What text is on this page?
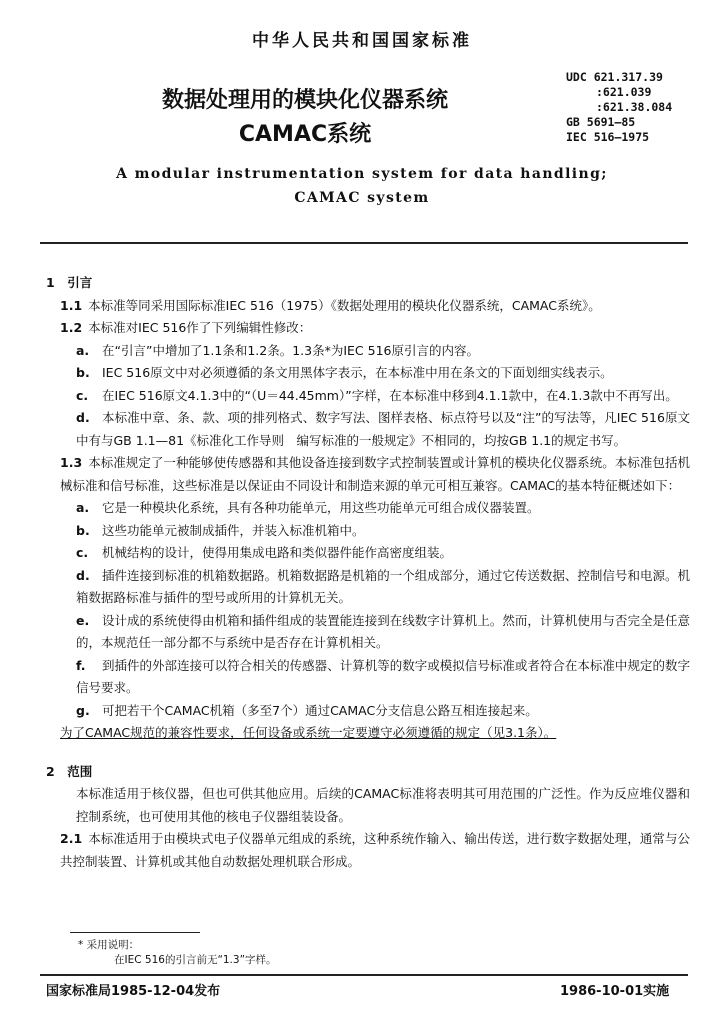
中华人民共和国国家标准
数据处理用的模块化仪器系统
CAMAC系统
UDC 621.317.39
:621.039
:621.38.084
GB 5691—85
IEC 516—1975
A modular instrumentation system for data handling;
CAMAC system

1　引言

1.1 本标准等同采用国际标准IEC 516（1975）《数据处理用的模块化仪器系统，CAMAC系统》。

1.2 本标准对IEC 516作了下列编辑性修改：

a. 在“引言”中增加了1.1条和1.2条。1.3条*为IEC 516原引言的内容。

b. IEC 516原文中对必须遵循的条文用黑体字表示，在本标准中用在条文的下面划细实线表示。

c. 在IEC 516原文4.1.3中的“（U＝44.45mm）”字样，在本标准中移到4.1.1款中，在4.1.3款中不再写出。

d. 本标准中章、条、款、项的排列格式、数字写法、图样表格、标点符号以及“注”的写法等，凡IEC 516原文中有与GB 1.1—81《标准化工作导则　编写标准的一般规定》不相同的，均按GB 1.1的规定书写。

1.3 本标准规定了一种能够使传感器和其他设备连接到数字式控制装置或计算机的模块化仪器系统。本标准包括机械标准和信号标准，这些标准是以保证由不同设计和制造来源的单元可相互兼容。CAMAC的基本特征概述如下：

a. 它是一种模块化系统，具有各种功能单元，用这些功能单元可组合成仪器装置。

b. 这些功能单元被制成插件，并装入标准机箱中。

c. 机械结构的设计，使得用集成电路和类似器件能作高密度组装。

d. 插件连接到标准的机箱数据路。机箱数据路是机箱的一个组成部分，通过它传送数据、控制信号和电源。机箱数据路标准与插件的型号或所用的计算机无关。

e. 设计成的系统使得由机箱和插件组成的装置能连接到在线数字计算机上。然而，计算机使用与否完全是任意的，本规范任一部分都不与系统中是否存在计算机相关。

f. 到插件的外部连接可以符合相关的传感器、计算机等的数字或模拟信号标准或者符合在本标准中规定的数字信号要求。

g. 可把若干个CAMAC机箱（多至7个）通过CAMAC分支信息公路互相连接起来。

为了CAMAC规范的兼容性要求，任何设备或系统一定要遵守必须遵循的规定（见3.1条）。

2　范围

本标准适用于核仪器，但也可供其他应用。后续的CAMAC标准将表明其可用范围的广泛性。作为反应堆仪器和控制系统，也可使用其他的核电子仪器组装设备。

2.1 本标准适用于由模块式电子仪器单元组成的系统，这种系统作输入、输出传送，进行数字数据处理，通常与公共控制装置、计算机或其他自动数据处理机联合形成。

* 采用说明：
在IEC 516的引言前无“1.3”字样。
国家标准局1985-12-04发布	1986-10-01实施
